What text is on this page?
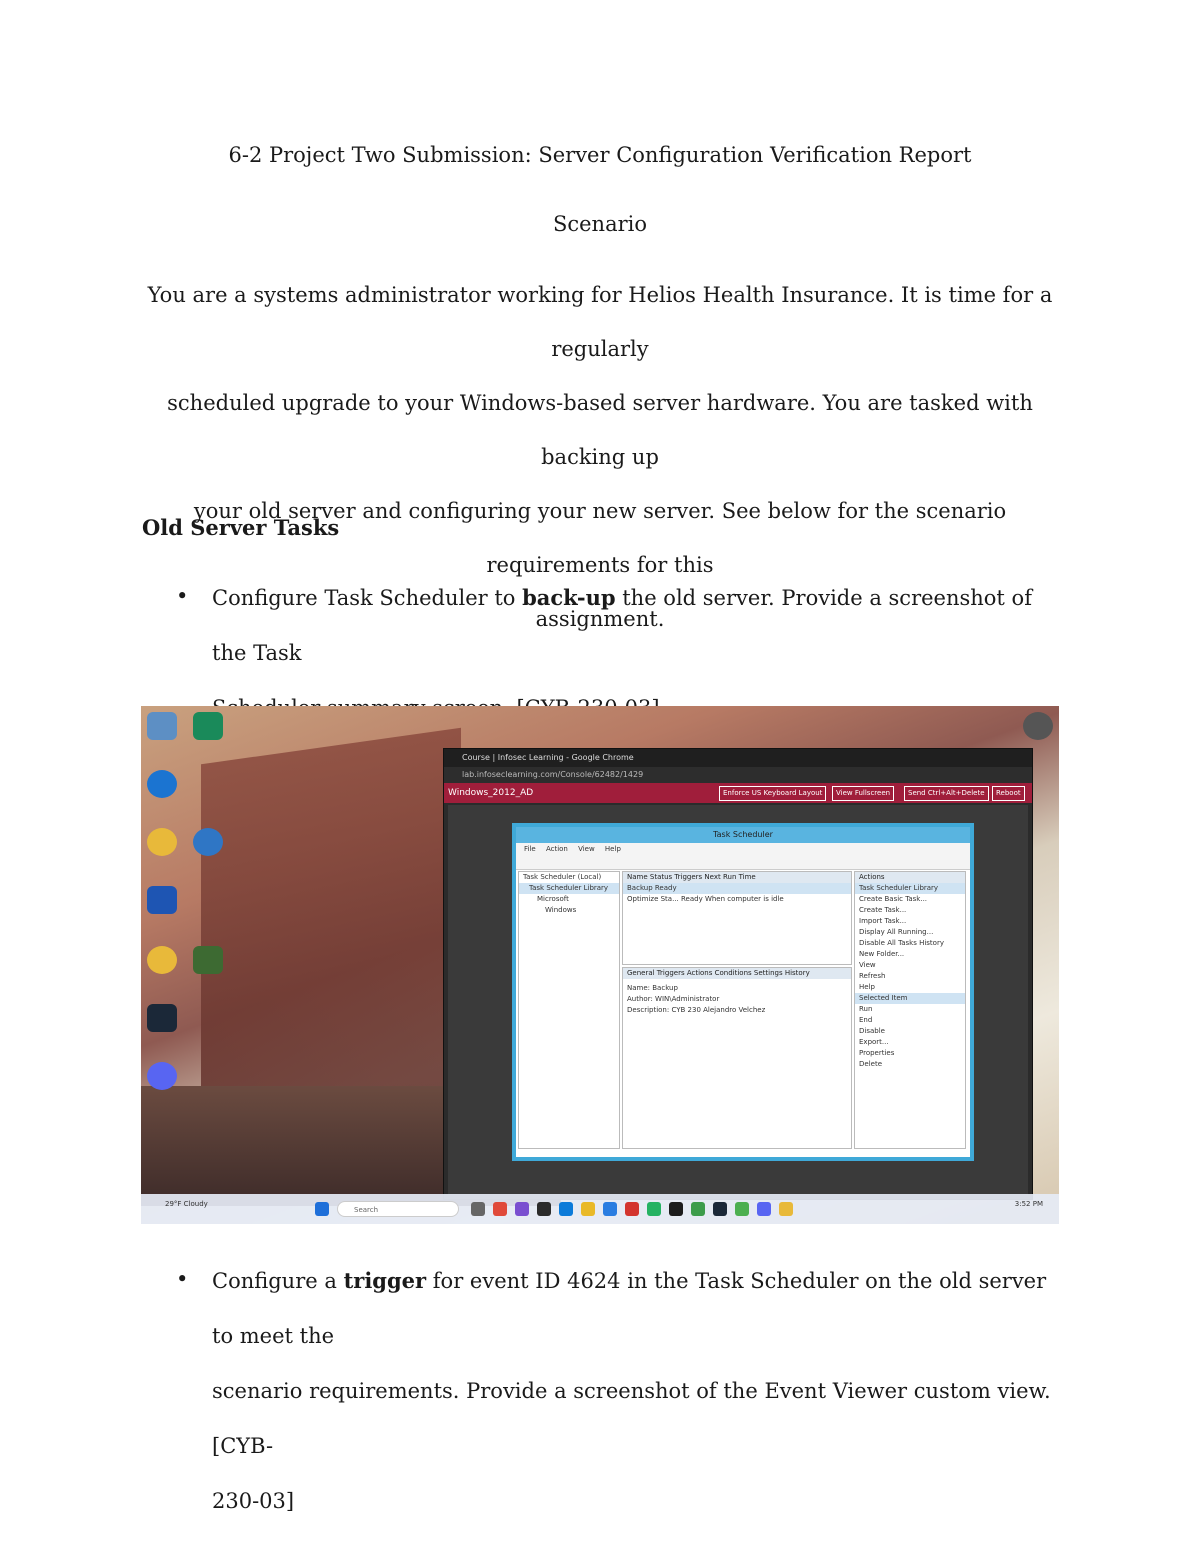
6-2 Project Two Submission: Server Configuration Verification Report
Scenario
You are a systems administrator working for Helios Health Insurance. It is time for a regularly
scheduled upgrade to your Windows-based server hardware. You are tasked with backing up
your old server and configuring your new server. See below for the scenario requirements for this
assignment.
Old Server Tasks
• Configure Task Scheduler to back-up the old server. Provide a screenshot of the Task
Course | Infosec Learning - Google Chrome
lab.infoseclearning.com/Console/62482/1429
Windows_2012_AD	Enforce US Keyboard Layout	View Fullscreen	Send Ctrl+Alt+Delete	Reboot
Task Scheduler
File Action View Help
Task Scheduler (Local)
Task Scheduler Library
Microsoft
Windows
Name Status Triggers Next Run Time
Backup Ready
Optimize Sta... Ready When computer is idle
General Triggers Actions Conditions Settings History
Name: Backup
Author: WIN\Administrator
Description: CYB 230 Alejandro Velchez
Actions
Task Scheduler Library
Create Basic Task...
Create Task...
Import Task...
Display All Running...
Disable All Tasks History
New Folder...
View
Refresh
Help
Selected Item
Run
End
Disable
Export...
Properties
Delete
29°F Cloudy
Search
3:52 PM
• Configure a trigger for event ID 4624 in the Task Scheduler on the old server to meet the
scenario requirements. Provide a screenshot of the Event Viewer custom view. [CYB-
230-03]
